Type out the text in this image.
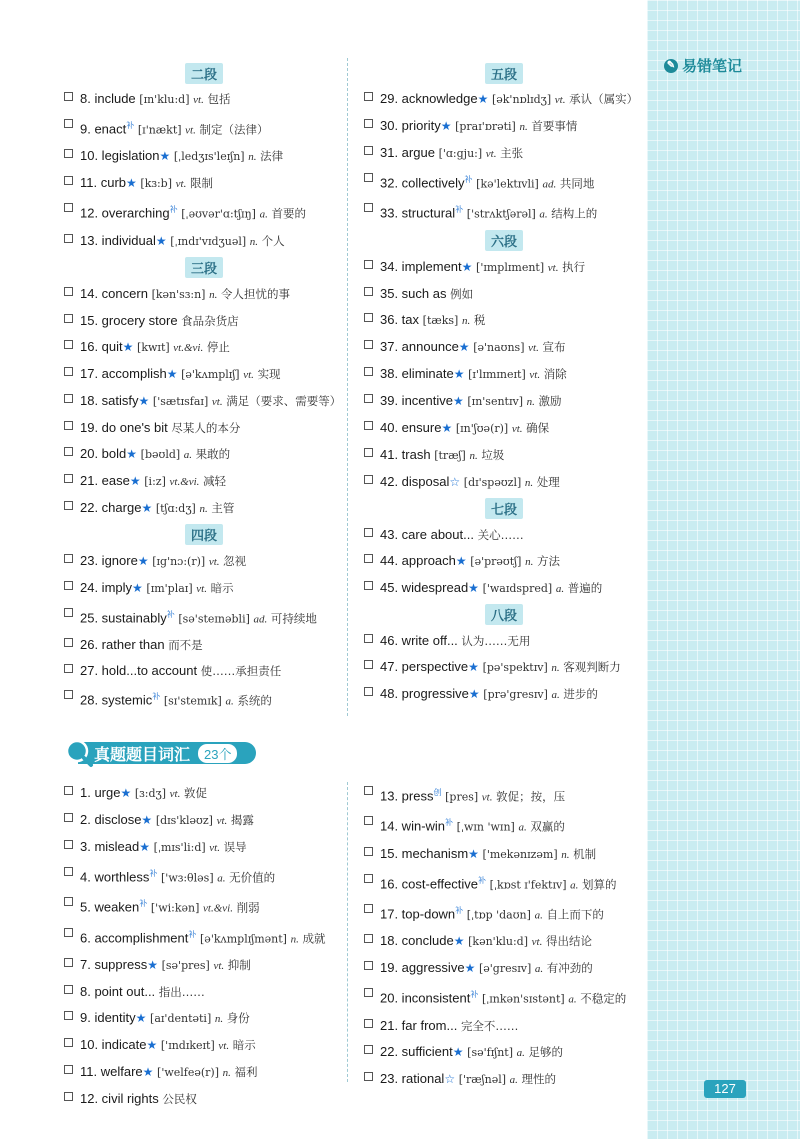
✎ 易错笔记
二段
8. include [ɪn'klu:d] vt. 包括
9. enact$^补$ [ɪ'nækt] vt. 制定（法律）
10. legislation★ [ˌledʒɪs'leɪʃn] n. 法律
11. curb★ [kɜ:b] vt. 限制
12. overarching$^补$ [ˌəʊvər'ɑ:tʃɪŋ] a. 首要的
13. individual★ [ˌɪndɪ'vɪdʒuəl] n. 个人
三段
14. concern [kən'sɜ:n] n. 令人担忧的事
15. grocery store 食品杂货店
16. quit★ [kwɪt] vt.&vi. 停止
17. accomplish★ [ə'kʌmplɪʃ] vt. 实现
18. satisfy★ ['sætɪsfaɪ] vt. 满足（要求、需要等）
19. do one's bit 尽某人的本分
20. bold★ [bəʊld] a. 果敢的
21. ease★ [i:z] vt.&vi. 减轻
22. charge★ [tʃɑ:dʒ] n. 主管
四段
23. ignore★ [ɪg'nɔ:(r)] vt. 忽视
24. imply★ [ɪm'plaɪ] vt. 暗示
25. sustainably$^补$ [sə'steɪnəbli] ad. 可持续地
26. rather than 而不是
27. hold...to account 使……承担责任
28. systemic$^补$ [sɪ'stemɪk] a. 系统的
五段
29. acknowledge★ [ək'nɒlɪdʒ] vt. 承认（属实）
30. priority★ [praɪ'ɒrəti] n. 首要事情
31. argue ['ɑ:gju:] vt. 主张
32. collectively$^补$ [kə'lektɪvli] ad. 共同地
33. structural$^补$ ['strʌktʃərəl] a. 结构上的
六段
34. implement★ ['ɪmplɪment] vt. 执行
35. such as 例如
36. tax [tæks] n. 税
37. announce★ [ə'naʊns] vt. 宣布
38. eliminate★ [ɪ'lɪmɪneɪt] vt. 消除
39. incentive★ [ɪn'sentɪv] n. 激励
40. ensure★ [ɪn'ʃʊə(r)] vt. 确保
41. trash [træʃ] n. 垃圾
42. disposal☆ [dɪ'spəʊzl] n. 处理
七段
43. care about... 关心……
44. approach★ [ə'prəʊtʃ] n. 方法
45. widespread★ ['waɪdspred] a. 普遍的
八段
46. write off... 认为……无用
47. perspective★ [pə'spektɪv] n. 客观判断力
48. progressive★ [prə'gresɪv] a. 进步的
真题题目词汇	23个
1. urge★ [ɜ:dʒ] vt. 敦促
2. disclose★ [dɪs'kləʊz] vt. 揭露
3. mislead★ [ˌmɪs'li:d] vt. 误导
4. worthless$^补$ ['wɜ:θləs] a. 无价值的
5. weaken$^补$ ['wi:kən] vt.&vi. 削弱
6. accomplishment$^补$ [ə'kʌmplɪʃmənt] n. 成就
7. suppress★ [sə'pres] vt. 抑制
8. point out... 指出……
9. identity★ [aɪ'dentəti] n. 身份
10. indicate★ ['ɪndɪkeɪt] vt. 暗示
11. welfare★ ['welfeə(r)] n. 福利
12. civil rights 公民权
13. press$^创$ [pres] vt. 敦促；按，压
14. win-win$^补$ [ˌwɪn 'wɪn] a. 双赢的
15. mechanism★ ['mekənɪzəm] n. 机制
16. cost-effective$^补$ [ˌkɒst ɪ'fektɪv] a. 划算的
17. top-down$^补$ [ˌtɒp 'daʊn] a. 自上而下的
18. conclude★ [kən'klu:d] vt. 得出结论
19. aggressive★ [ə'gresɪv] a. 有冲劲的
20. inconsistent$^补$ [ˌɪnkən'sɪstənt] a. 不稳定的
21. far from... 完全不……
22. sufficient★ [sə'fɪʃnt] a. 足够的
23. rational☆ ['ræʃnəl] a. 理性的
127
